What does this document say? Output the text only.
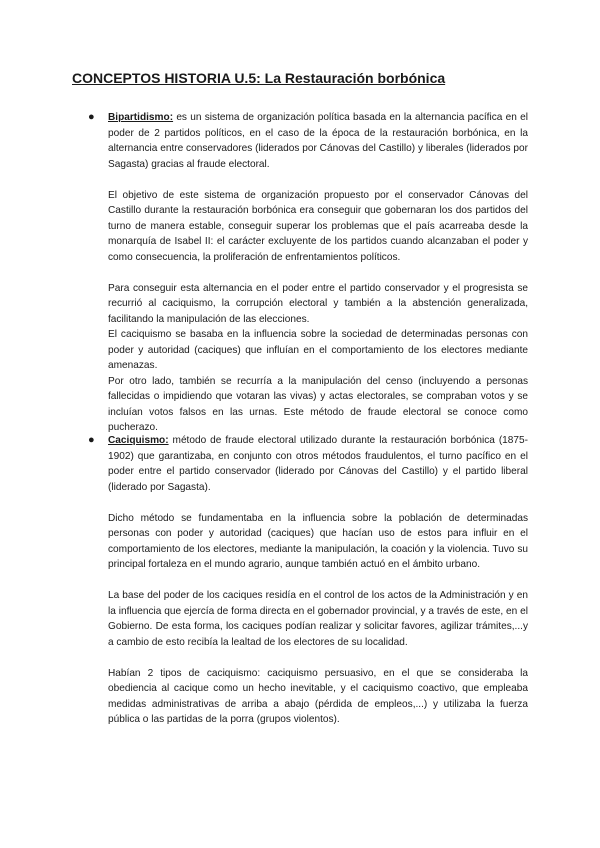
CONCEPTOS HISTORIA U.5: La Restauración borbónica
● Bipartidismo: es un sistema de organización política basada en la alternancia pacífica en el poder de 2 partidos políticos, en el caso de la época de la restauración borbónica, en la alternancia entre conservadores (liderados por Cánovas del Castillo) y liberales (liderados por Sagasta) gracias al fraude electoral.

El objetivo de este sistema de organización propuesto por el conservador Cánovas del Castillo durante la restauración borbónica era conseguir que gobernaran los dos partidos del turno de manera estable, conseguir superar los problemas que el país acarreaba desde la monarquía de Isabel II: el carácter excluyente de los partidos cuando alcanzaban el poder y como consecuencia, la proliferación de enfrentamientos políticos.

Para conseguir esta alternancia en el poder entre el partido conservador y el progresista se recurrió al caciquismo, la corrupción electoral y también a la abstención generalizada, facilitando la manipulación de las elecciones.

El caciquismo se basaba en la influencia sobre la sociedad de determinadas personas con poder y autoridad (caciques) que influían en el comportamiento de los electores mediante amenazas.

Por otro lado, también se recurría a la manipulación del censo (incluyendo a personas fallecidas o impidiendo que votaran las vivas) y actas electorales, se compraban votos y se incluían votos falsos en las urnas. Este método de fraude electoral se conoce como pucherazo.

● Caciquismo: método de fraude electoral utilizado durante la restauración borbónica (1875-1902) que garantizaba, en conjunto con otros métodos fraudulentos, el turno pacífico en el poder entre el partido conservador (liderado por Cánovas del Castillo) y el partido liberal (liderado por Sagasta).

Dicho método se fundamentaba en la influencia sobre la población de determinadas personas con poder y autoridad (caciques) que hacían uso de estos para influir en el comportamiento de los electores, mediante la manipulación, la coación y la violencia. Tuvo su principal fortaleza en el mundo agrario, aunque también actuó en el ámbito urbano.

La base del poder de los caciques residía en el control de los actos de la Administración y en la influencia que ejercía de forma directa en el gobernador provincial, y a través de este, en el Gobierno. De esta forma, los caciques podían realizar y solicitar favores, agilizar trámites,...y a cambio de esto recibía la lealtad de los electores de su localidad.

Habían 2 tipos de caciquismo: caciquismo persuasivo, en el que se consideraba la obediencia al cacique como un hecho inevitable, y el caciquismo coactivo, que empleaba medidas administrativas de arriba a abajo (pérdida de empleos,...) y utilizaba la fuerza pública o las partidas de la porra (grupos violentos).
